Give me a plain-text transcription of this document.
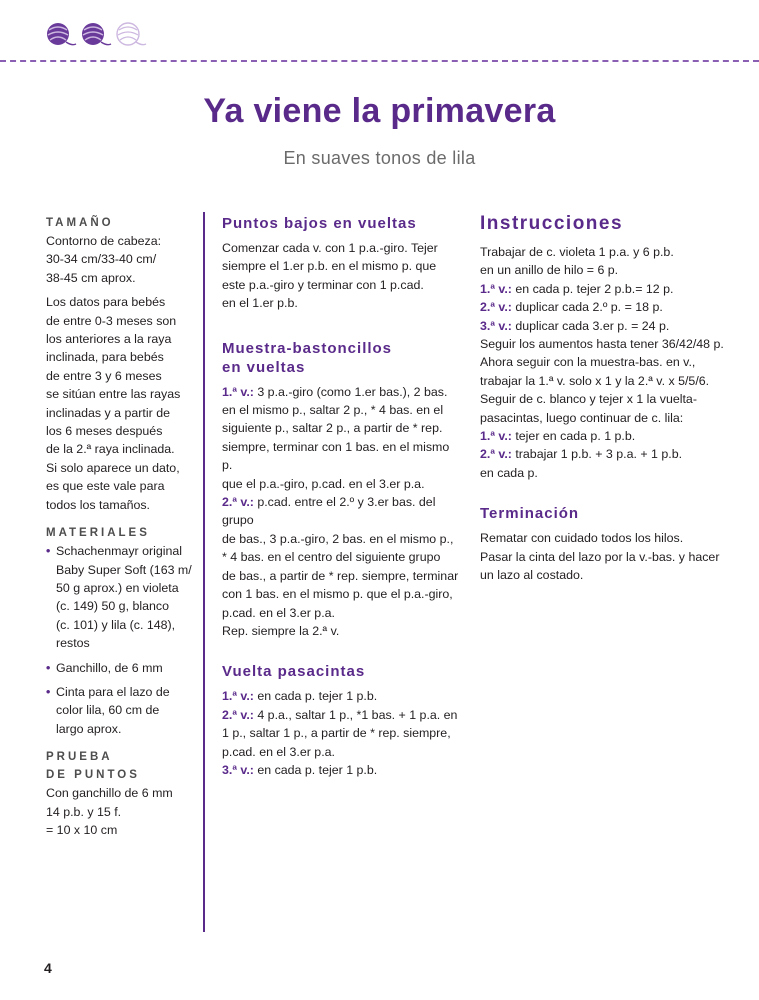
Ya viene la primavera
En suaves tonos de lila
TAMAÑO
Contorno de cabeza:
30-34 cm/33-40 cm/
38-45 cm aprox.
Los datos para bebés
de entre 0-3 meses son
los anteriores a la raya
inclinada, para bebés
de entre 3 y 6 meses
se sitúan entre las rayas
inclinadas y a partir de
los 6 meses después
de la 2.ª raya inclinada.
Si solo aparece un dato,
es que este vale para
todos los tamaños.
MATERIALES
• Schachenmayr original
Baby Super Soft (163 m/
50 g aprox.) en violeta
(c. 149) 50 g, blanco
(c. 101) y lila (c. 148),
restos
• Ganchillo, de 6 mm
• Cinta para el lazo de
color lila, 60 cm de
largo aprox.
PRUEBA
DE PUNTOS
Con ganchillo de 6 mm
14 p.b. y 15 f.
= 10 x 10 cm
Puntos bajos en vueltas
Comenzar cada v. con 1 p.a.-giro. Tejer
siempre el 1.er p.b. en el mismo p. que
este p.a.-giro y terminar con 1 p.cad.
en el 1.er p.b.
Muestra-bastoncillos
en vueltas
1.ª v.: 3 p.a.-giro (como 1.er bas.), 2 bas.
en el mismo p., saltar 2 p., * 4 bas. en el
siguiente p., saltar 2 p., a partir de * rep.
siempre, terminar con 1 bas. en el mismo p.
que el p.a.-giro, p.cad. en el 3.er p.a.
2.ª v.: p.cad. entre el 2.º y 3.er bas. del grupo
de bas., 3 p.a.-giro, 2 bas. en el mismo p.,
* 4 bas. en el centro del siguiente grupo
de bas., a partir de * rep. siempre, terminar
con 1 bas. en el mismo p. que el p.a.-giro,
p.cad. en el 3.er p.a.
Rep. siempre la 2.ª v.
Vuelta pasacintas
1.ª v.: en cada p. tejer 1 p.b.
2.ª v.: 4 p.a., saltar 1 p., *1 bas. + 1 p.a. en
1 p., saltar 1 p., a partir de * rep. siempre,
p.cad. en el 3.er p.a.
3.ª v.: en cada p. tejer 1 p.b.
Instrucciones
Trabajar de c. violeta 1 p.a. y 6 p.b.
en un anillo de hilo = 6 p.
1.ª v.: en cada p. tejer 2 p.b.= 12 p.
2.ª v.: duplicar cada 2.º p. = 18 p.
3.ª v.: duplicar cada 3.er p. = 24 p.
Seguir los aumentos hasta tener 36/42/48 p.
Ahora seguir con la muestra-bas. en v.,
trabajar la 1.ª v. solo x 1 y la 2.ª v. x 5/5/6.
Seguir de c. blanco y tejer x 1 la vuelta-
pasacintas, luego continuar de c. lila:
1.ª v.: tejer en cada p. 1 p.b.
2.ª v.: trabajar 1 p.b. + 3 p.a. + 1 p.b.
en cada p.
Terminación
Rematar con cuidado todos los hilos.
Pasar la cinta del lazo por la v.-bas. y hacer
un lazo al costado.
4
